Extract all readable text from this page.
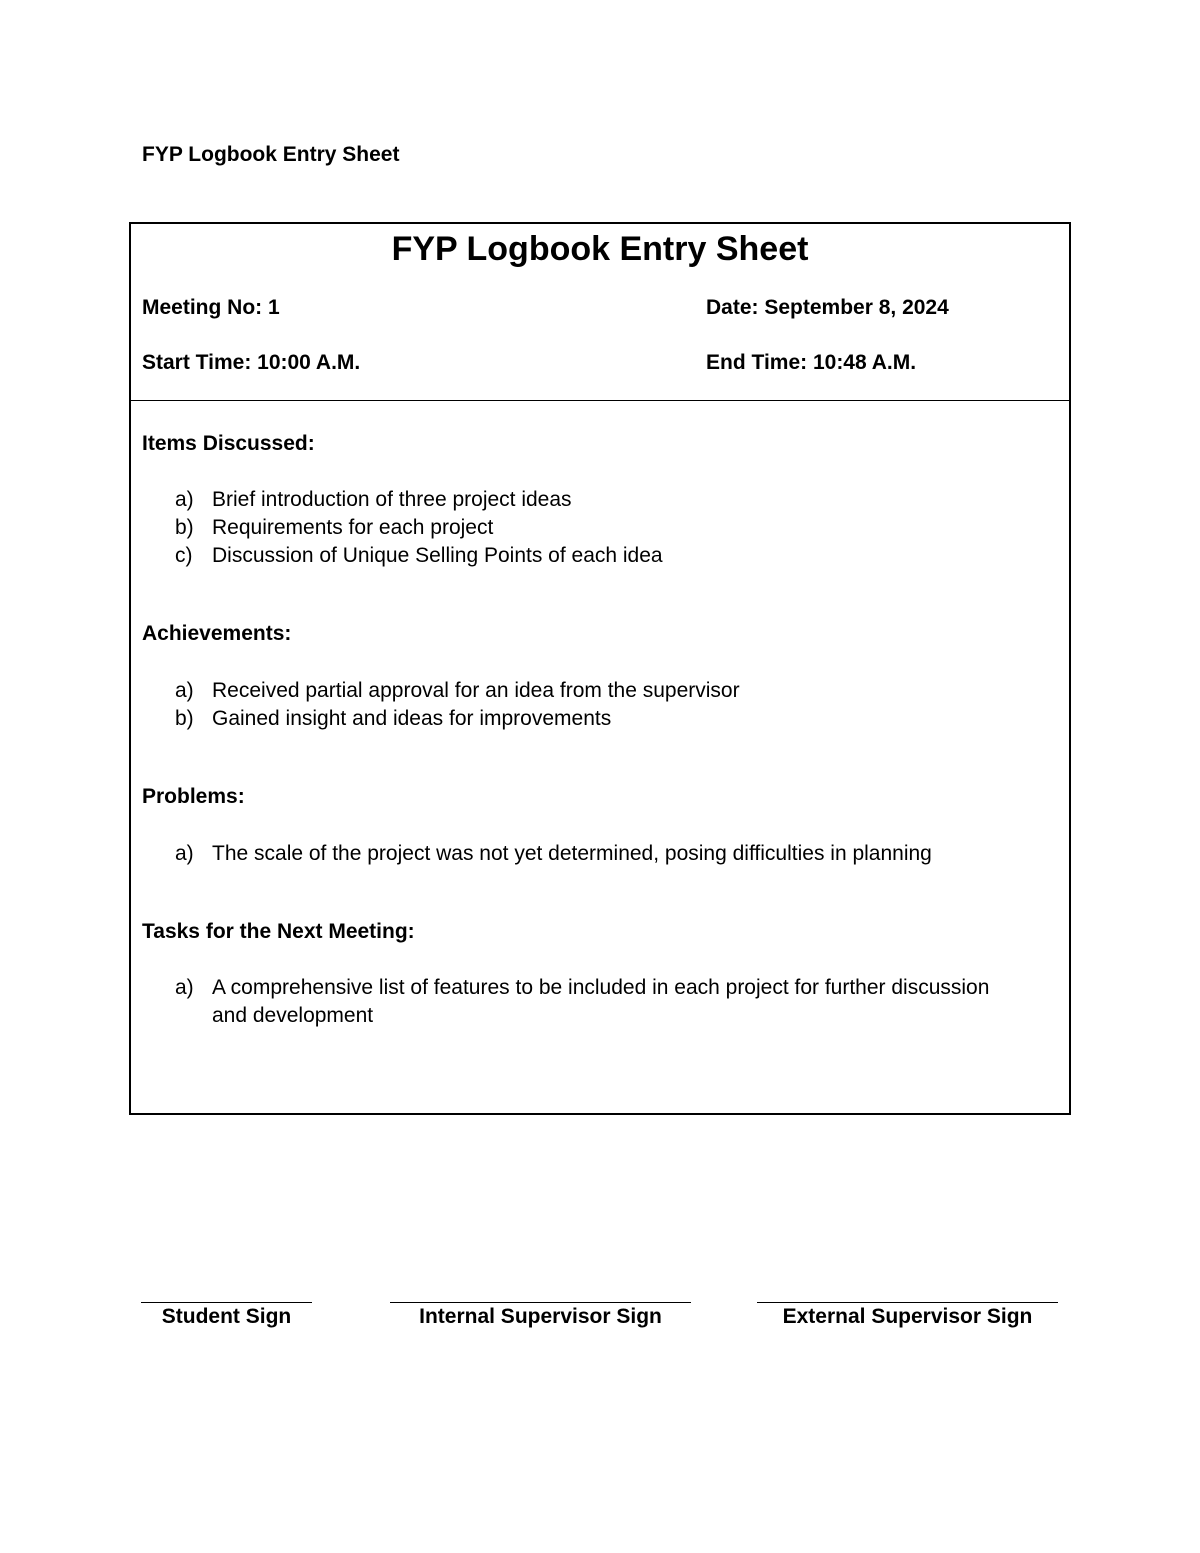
FYP Logbook Entry Sheet
FYP Logbook Entry Sheet
Meeting No: 1	Date: September 8, 2024
Start Time: 10:00 A.M.	End Time: 10:48 A.M.
Items Discussed:
a) Brief introduction of three project ideas
b) Requirements for each project
c) Discussion of Unique Selling Points of each idea
Achievements:
a) Received partial approval for an idea from the supervisor
b) Gained insight and ideas for improvements
Problems:
a) The scale of the project was not yet determined, posing difficulties in planning
Tasks for the Next Meeting:
a) A comprehensive list of features to be included in each project for further discussion and development
Student Sign	Internal Supervisor Sign	External Supervisor Sign
